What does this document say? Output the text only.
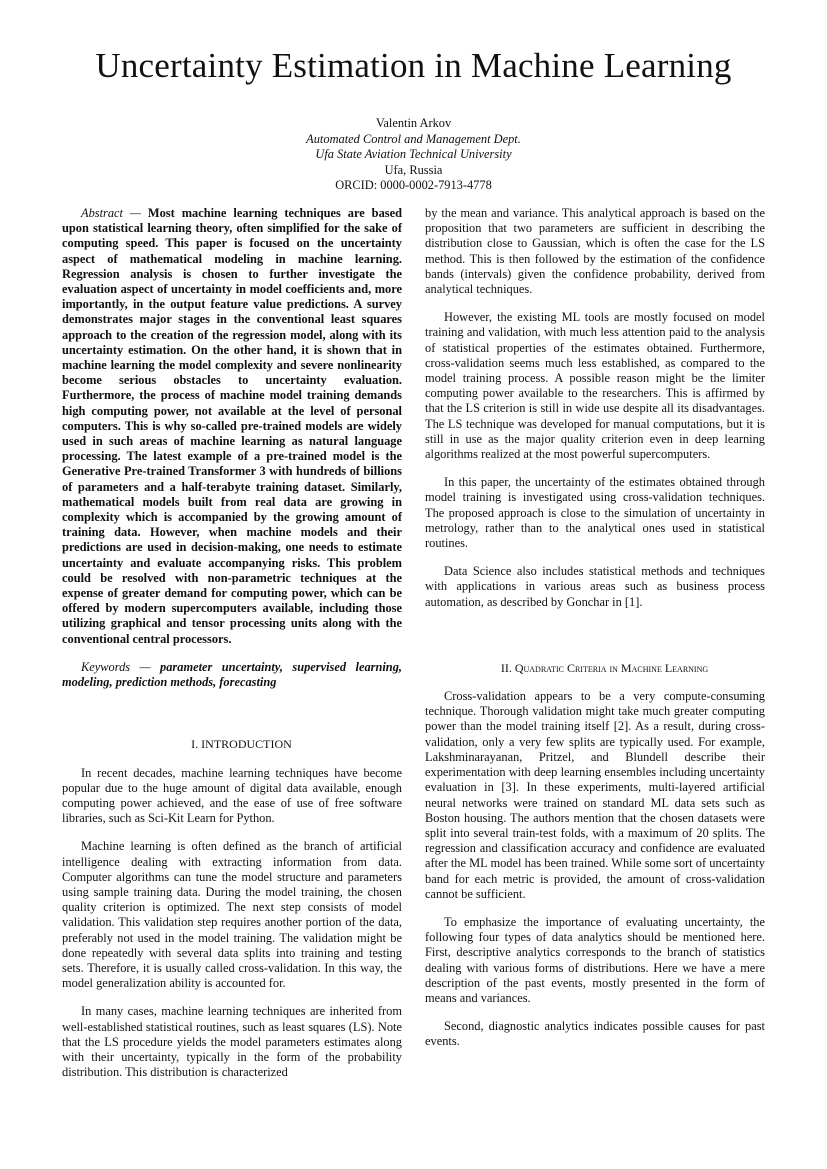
Uncertainty Estimation in Machine Learning
Valentin Arkov
Automated Control and Management Dept.
Ufa State Aviation Technical University
Ufa, Russia
ORCID: 0000-0002-7913-4778

Abstract — Most machine learning techniques are based upon statistical learning theory, often simplified for the sake of computing speed. This paper is focused on the uncertainty aspect of mathematical modeling in machine learning. Regression analysis is chosen to further investigate the evaluation aspect of uncertainty in model coefficients and, more importantly, in the output feature value predictions. A survey demonstrates major stages in the conventional least squares approach to the creation of the regression model, along with its uncertainty estimation. On the other hand, it is shown that in machine learning the model complexity and severe nonlinearity become serious obstacles to uncertainty evaluation. Furthermore, the process of machine model training demands high computing power, not available at the level of personal computers. This is why so-called pre-trained models are widely used in such areas of machine learning as natural language processing. The latest example of a pre-trained model is the Generative Pre-trained Transformer 3 with hundreds of billions of parameters and a half-terabyte training dataset. Similarly, mathematical models built from real data are growing in complexity which is accompanied by the growing amount of training data. However, when machine models and their predictions are used in decision-making, one needs to estimate uncertainty and evaluate accompanying risks. This problem could be resolved with non-parametric techniques at the expense of greater demand for computing power, which can be offered by modern supercomputers available, including those utilizing graphical and tensor processing units along with the conventional central processors.

Keywords — parameter uncertainty, supervised learning, modeling, prediction methods, forecasting

I. INTRODUCTION

In recent decades, machine learning techniques have become popular due to the huge amount of digital data available, enough computing power achieved, and the ease of use of free software libraries, such as Sci-Kit Learn for Python.

Machine learning is often defined as the branch of artificial intelligence dealing with extracting information from data. Computer algorithms can tune the model structure and parameters using sample training data. During the model training, the chosen quality criterion is optimized. The next step consists of model validation. This validation step requires another portion of the data, preferably not used in the model training. The validation might be done repeatedly with several data splits into training and testing sets. Therefore, it is usually called cross-validation. In this way, the model generalization ability is accounted for.

In many cases, machine learning techniques are inherited from well-established statistical routines, such as least squares (LS). Note that the LS procedure yields the model parameters estimates along with their uncertainty, typically in the form of the probability distribution. This distribution is characterized

by the mean and variance. This analytical approach is based on the proposition that two parameters are sufficient in describing the distribution close to Gaussian, which is often the case for the LS method. This is then followed by the estimation of the confidence bands (intervals) given the confidence probability, derived from analytical techniques.

However, the existing ML tools are mostly focused on model training and validation, with much less attention paid to the analysis of statistical properties of the estimates obtained. Furthermore, cross-validation seems much less established, as compared to the model training process. A possible reason might be the limiter computing power available to the researchers. This is affirmed by that the LS criterion is still in wide use despite all its disadvantages. The LS technique was developed for manual computations, but it is still in use as the major quality criterion even in deep learning algorithms realized at the most powerful supercomputers.

In this paper, the uncertainty of the estimates obtained through model training is investigated using cross-validation techniques. The proposed approach is close to the simulation of uncertainty in metrology, rather than to the analytical ones used in statistical routines.

Data Science also includes statistical methods and techniques with applications in various areas such as business process automation, as described by Gonchar in [1].

II. Quadratic Criteria in Machine Learning

Cross-validation appears to be a very compute-consuming technique. Thorough validation might take much greater computing power than the model training itself [2]. As a result, during cross-validation, only a very few splits are typically used. For example, Lakshminarayanan, Pritzel, and Blundell describe their experimentation with deep learning ensembles including uncertainty evaluation in [3]. In these experiments, multi-layered artificial neural networks were trained on standard ML data sets such as Boston housing. The authors mention that the chosen datasets were split into several train-test folds, with a maximum of 20 splits. The regression and classification accuracy and confidence are evaluated after the ML model has been trained. While some sort of uncertainty band for each metric is provided, the amount of cross-validation cannot be sufficient.

To emphasize the importance of evaluating uncertainty, the following four types of data analytics should be mentioned here. First, descriptive analytics corresponds to the branch of statistics dealing with various forms of distributions. Here we have a mere description of the past events, mostly presented in the form of means and variances.

Second, diagnostic analytics indicates possible causes for past events.
